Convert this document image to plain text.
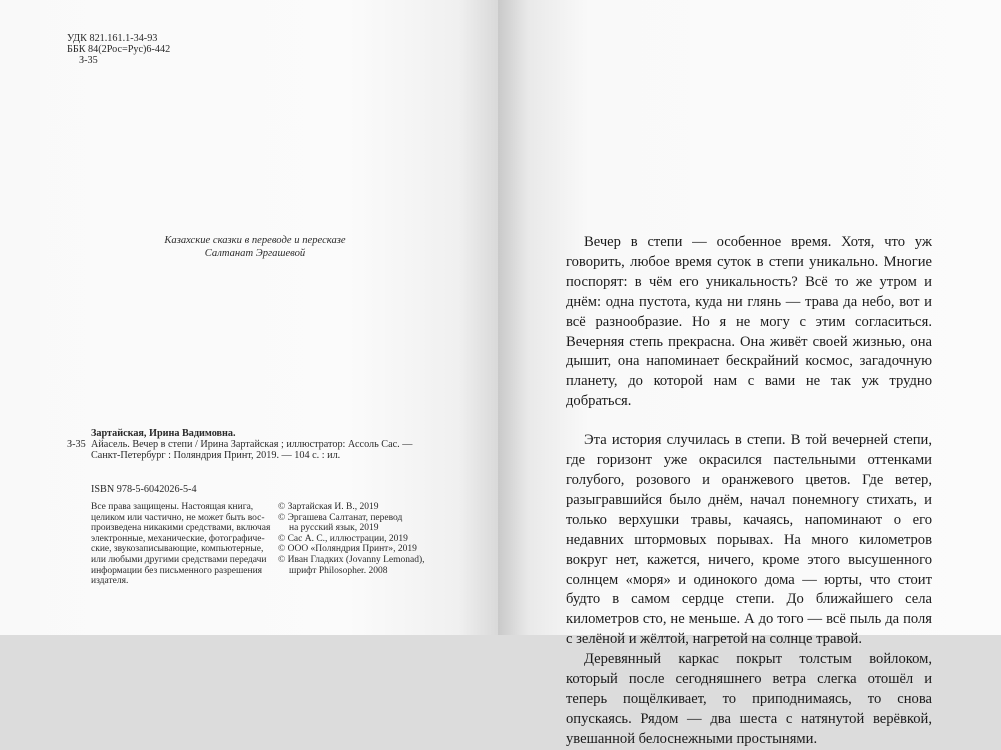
УДК 821.161.1-34-93
ББК 84(2Рос=Рус)6-442
З-35
Казахские сказки в переводе и пересказе
Салтанат Эргашевой
Зартайская, Ирина Вадимовна.
З-35 Айасель. Вечер в степи / Ирина Зартайская ; иллюстратор: Ассоль Сас. —
Санкт-Петербург : Поляндрия Принт, 2019. — 104 с. : ил.
ISBN 978-5-6042026-5-4
Все права защищены. Настоящая книга,
целиком или частично, не может быть вос-
произведена никакими средствами, включая
электронные, механические, фотографиче-
ские, звукозаписывающие, компьютерные,
или любыми другими средствами передачи
информации без письменного разрешения
издателя.
© Зартайская И. В., 2019
© Эргашева Салтанат, перевод
на русский язык, 2019
© Сас А. С., иллюстрации, 2019
© ООО «Поляндрия Принт», 2019
© Иван Гладких (Jovanny Lemonad),
шрифт Philosopher. 2008

Вечер в степи — особенное время. Хотя, что уж говорить, любое время суток в степи уникально. Многие поспорят: в чём его уникальность? Всё то же утром и днём: одна пустота, куда ни глянь — трава да небо, вот и всё разнообразие. Но я не могу с этим согласиться. Вечерняя степь прекрасна. Она живёт своей жизнью, она дышит, она напоминает бескрайний космос, загадочную планету, до которой нам с вами не так уж трудно добраться.

Эта история случилась в степи. В той вечерней степи, где горизонт уже окрасился пастельными оттенками голубого, розового и оранжевого цветов. Где ветер, разыгравшийся было днём, начал понемногу стихать, и только верхушки травы, качаясь, напоминают о его недавних штормовых порывах. На много километров вокруг нет, кажется, ничего, кроме этого высушенного солнцем «моря» и одинокого дома — юрты, что стоит будто в самом сердце степи. До ближайшего села километров сто, не меньше. А до того — всё пыль да поля с зелёной и жёлтой, нагретой на солнце травой.

Деревянный каркас покрыт толстым войлоком, который после сегодняшнего ветра слегка отошёл и теперь пощёлкивает, то приподнимаясь, то снова опускаясь. Рядом — два шеста с натянутой верёвкой, увешанной белоснежными простынями.
